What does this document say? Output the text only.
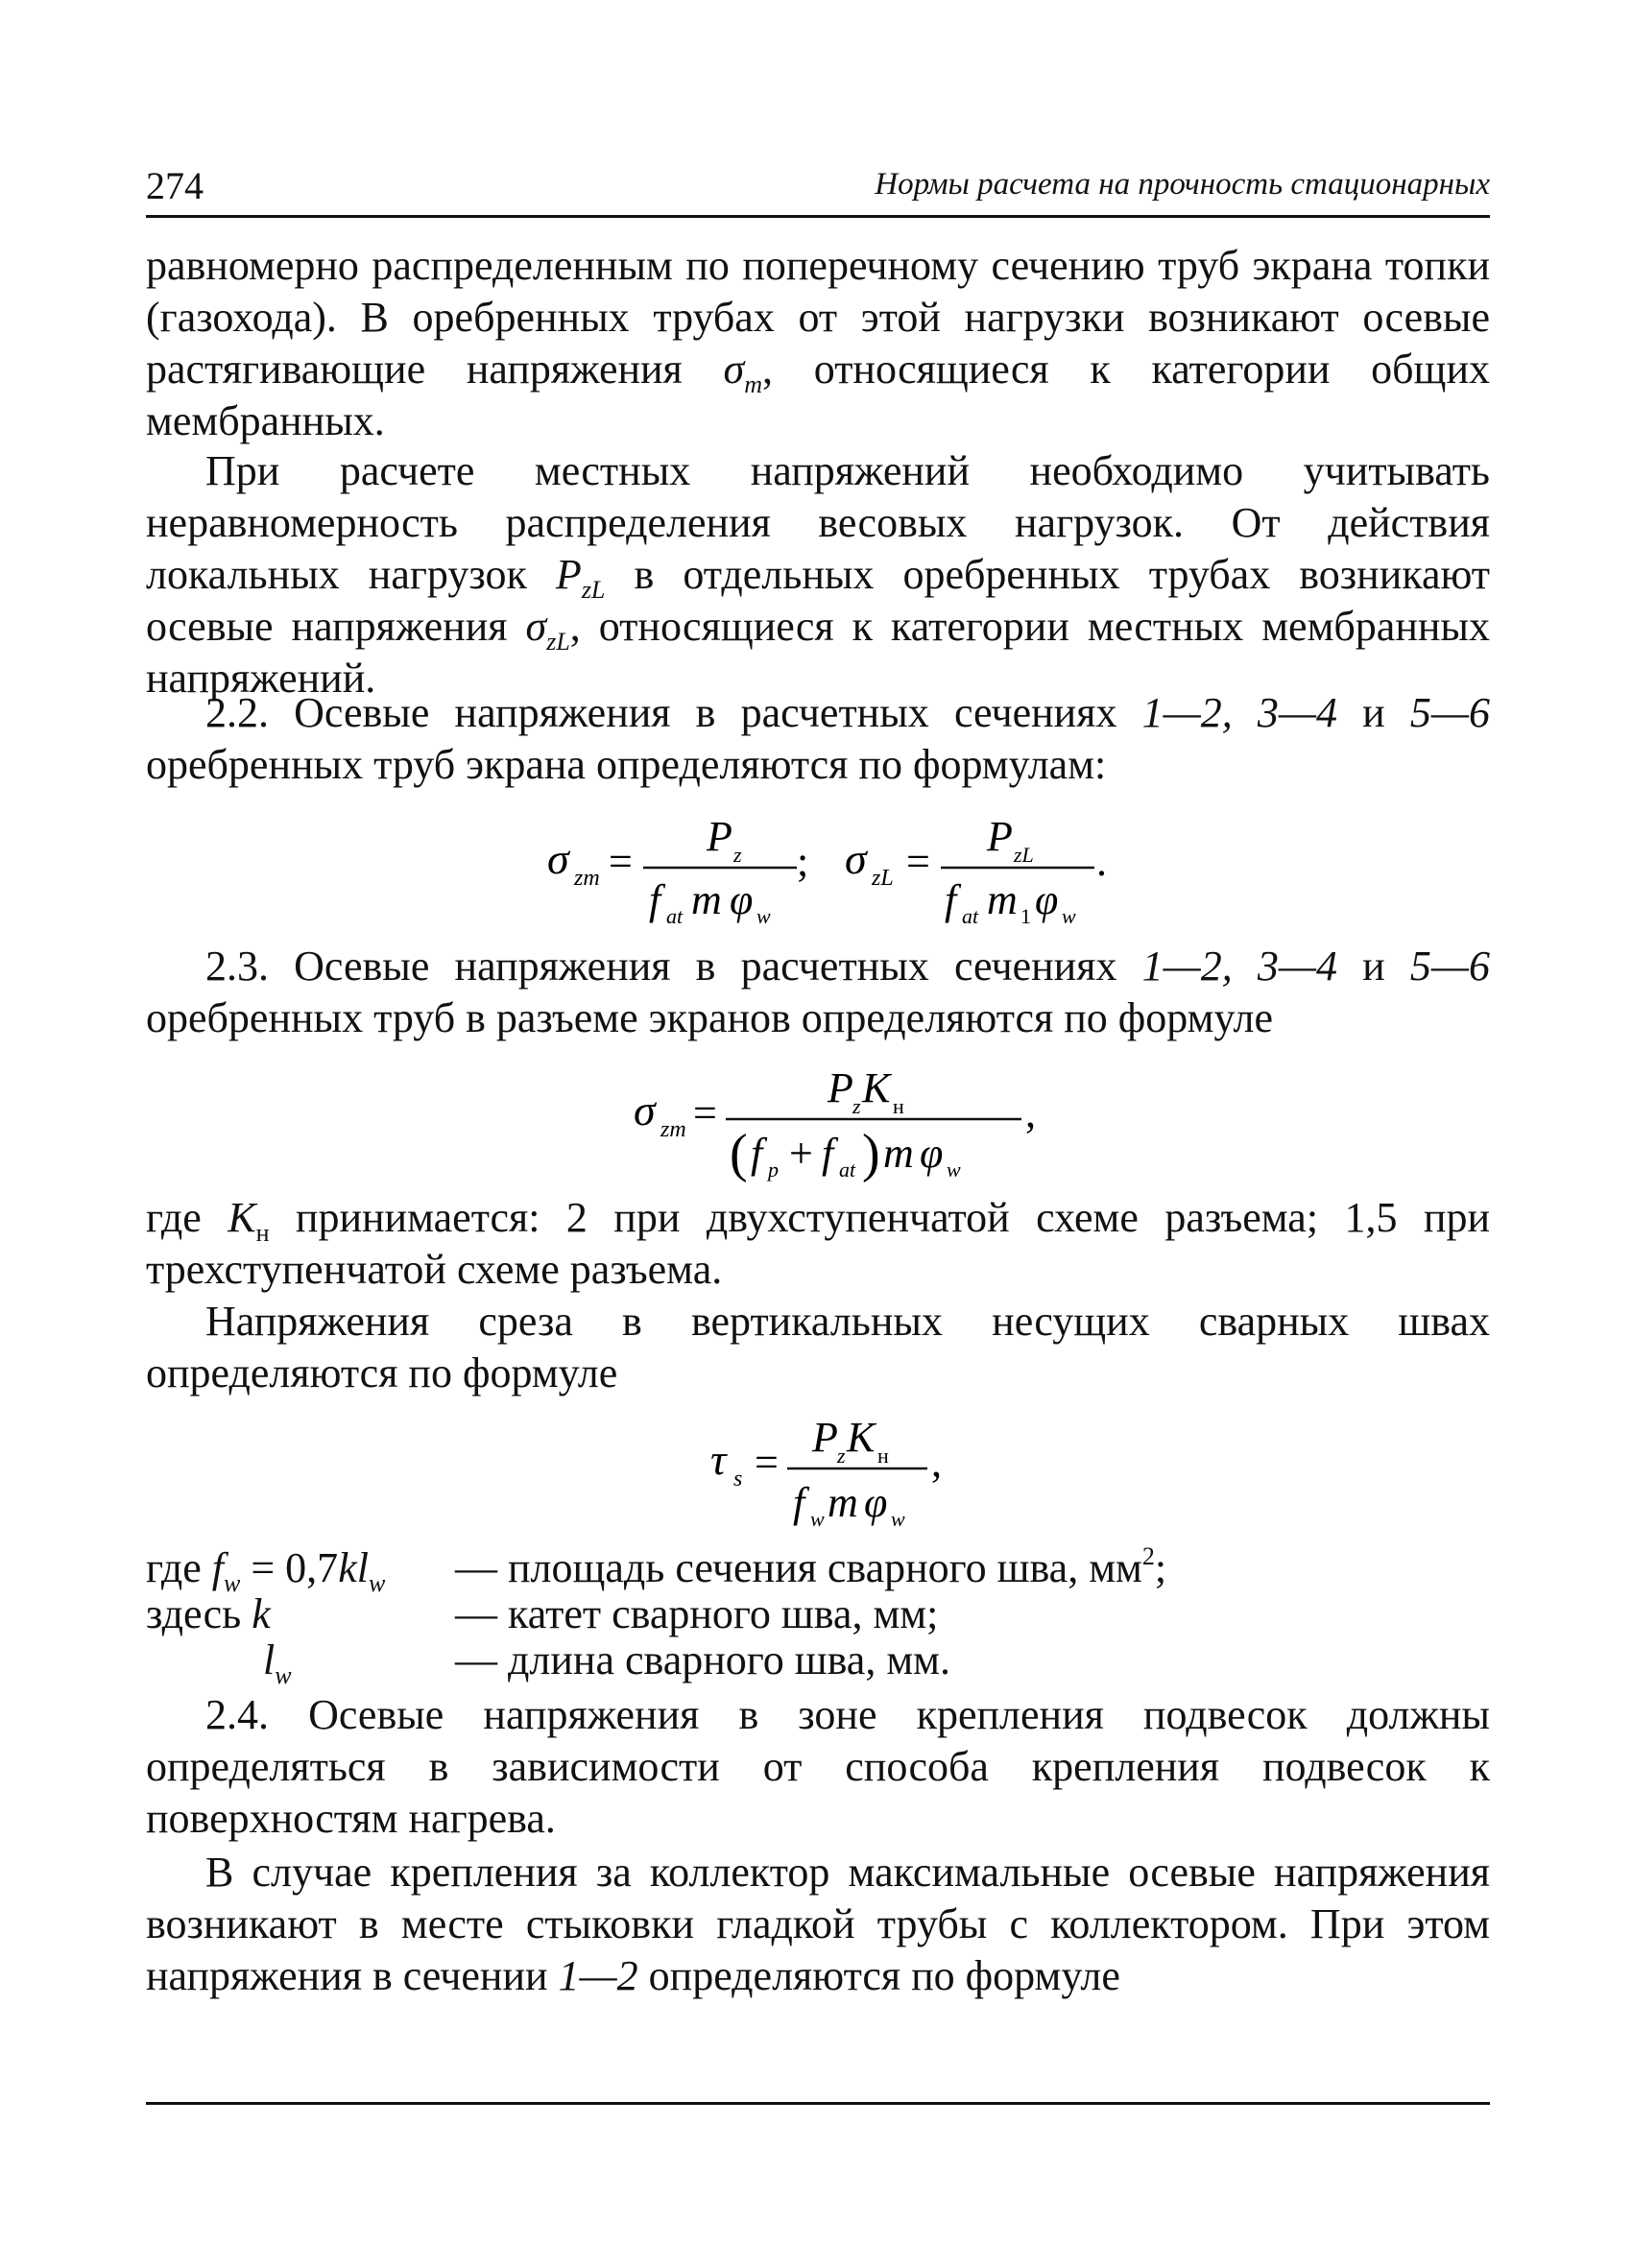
274	Нормы расчета на прочность стационарных

равномерно распределенным по поперечному сечению труб экрана топки (газохода). В оребренных трубах от этой нагрузки возникают осевые растягивающие напряжения $\sigma_m$, относящиеся к категории общих мембранных.

При расчете местных напряжений необходимо учитывать неравномерность распределения весовых нагрузок. От действия локальных нагрузок $P_{zL}$ в отдельных оребренных трубах возникают осевые напряжения $\sigma_{zL}$, относящиеся к категории местных мембранных напряжений.

2.2. Осевые напряжения в расчетных сечениях 1—2, 3—4 и 5—6 оребренных труб экрана определяются по формулам:

σ zm =
P z
f at m φ w
; σ zL =
P zL
f at m 1 φ w
.

2.3. Осевые напряжения в расчетных сечениях 1—2, 3—4 и 5—6 оребренных труб в разъеме экранов определяются по формуле

σ zm =
P z K н
( f p + f at ) m φ w
,

где $K_н$ принимается: 2 при двухступенчатой схеме разъема; 1,5 при трехступенчатой схеме разъема.

Напряжения среза в вертикальных несущих сварных швах определяются по формуле

τ s =
P z K н
f w m φ w
,
где $f_w = 0,7kl_w$ — площадь сечения сварного шва, $мм^2$;
здесь k	— катет сварного шва, мм;
$l_w$	— длина сварного шва, мм.

2.4. Осевые напряжения в зоне крепления подвесок должны определяться в зависимости от способа крепления подвесок к поверхностям нагрева.

В случае крепления за коллектор максимальные осевые напряжения возникают в месте стыковки гладкой трубы с коллектором. При этом напряжения в сечении 1—2 определяются по формуле
